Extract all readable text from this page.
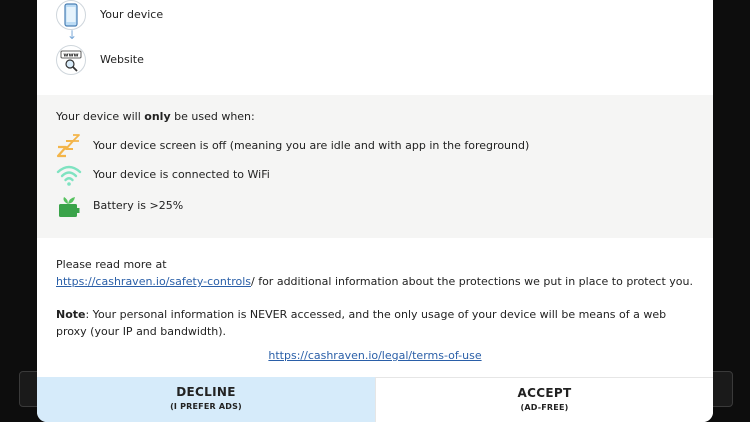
Your device
↓
www Website
Your device will only be used when:
Your device screen is off (meaning you are idle and with app in the foreground)
Your device is connected to WiFi
Battery is >25%

Please read more at
https://cashraven.io/safety-controls/ for additional information about the protections we put in place to protect you.

Note: Your personal information is NEVER accessed, and the only usage of your device will be means of a web proxy (your IP and bandwidth).

https://cashraven.io/legal/terms-of-use
DECLINE
(I PREFER ADS)
ACCEPT
(AD-FREE)
